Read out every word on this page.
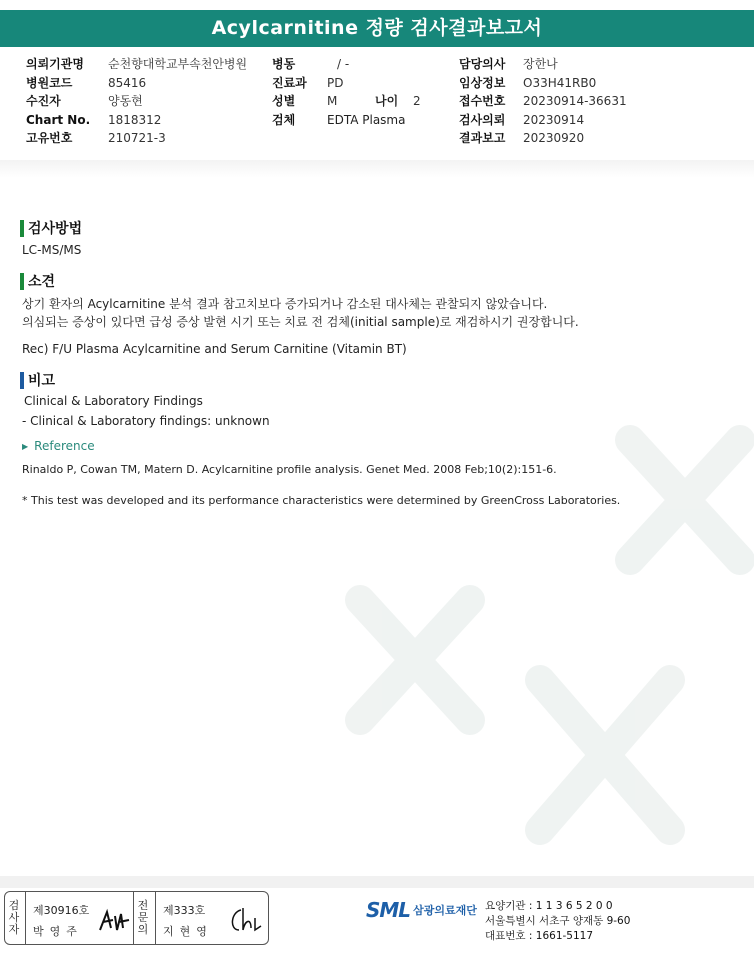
Acylcarnitine 정량 검사결과보고서
의뢰기관명	순천향대학교부속천안병원
병원코드	85416
수진자	양동현
Chart No.	1818312
고유번호	210721-3
병동	/ -
진료과	PD
성별	M	나이	2
검체	EDTA Plasma
담당의사	장한나
임상정보	O33H41RB0
접수번호	20230914-36631
검사의뢰	20230914
결과보고	20230920
검사방법
LC-MS/MS
소견
상기 환자의 Acylcarnitine 분석 결과 참고치보다 증가되거나 감소된 대사체는 관찰되지 않았습니다.
의심되는 증상이 있다면 급성 증상 발현 시기 또는 치료 전 검체(initial sample)로 재검하시기 권장합니다.
Rec) F/U Plasma Acylcarnitine and Serum Carnitine (Vitamin BT)
비고
Clinical & Laboratory Findings
- Clinical & Laboratory findings: unknown
▶ Reference
Rinaldo P, Cowan TM, Matern D. Acylcarnitine profile analysis. Genet Med. 2008 Feb;10(2):151-6.
* This test was developed and its performance characteristics were determined by GreenCross Laboratories.
검
사
자
제30916호
박영주
전
문
의
제333호
지현영
SML 삼광의료재단 요양기관 : 1 1 3 6 5 2 0 0
서울특별시 서초구 양재동 9-60
대표번호 : 1661-5117
